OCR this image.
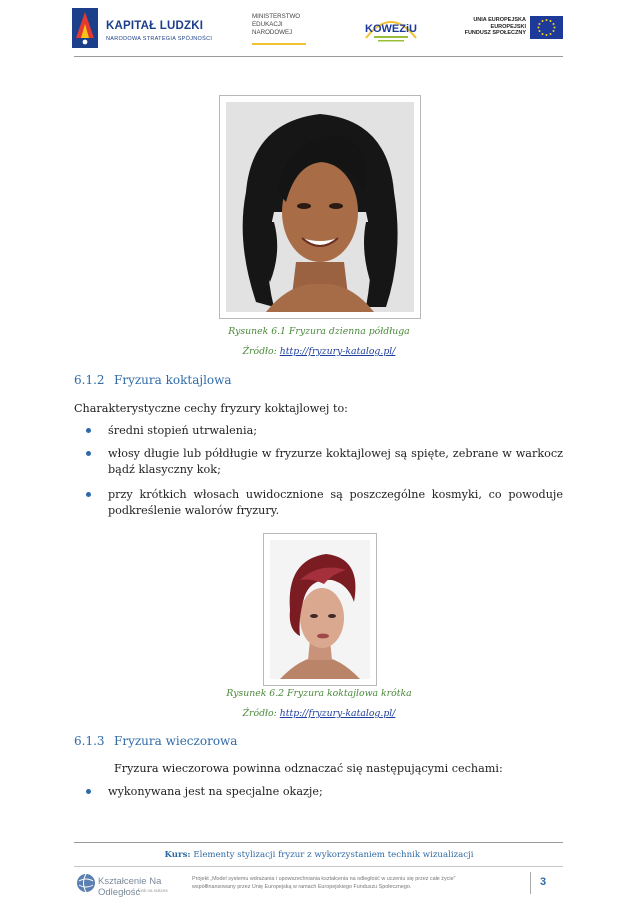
KAPITAŁ LUDZKI
NARODOWA STRATEGIA SPÓJNOŚCI
MINISTERSTWO
EDUKACJI
NARODOWEJ	KOWEZiU
UNIA EUROPEJSKA
EUROPEJSKI
FUNDUSZ SPOŁECZNY
Rysunek 6.1 Fryzura dzienna półdługa
Źródło: http://fryzury-katalog.pl/
6.1.2 Fryzura koktajlowa
Charakterystyczne cechy fryzury koktajlowej to:
średni stopień utrwalenia;
włosy długie lub półdługie w fryzurze koktajlowej są spięte, zebrane w warkocz bądź klasyczny kok;
przy krótkich włosach uwidocznione są poszczególne kosmyki, co powoduje podkreślenie walorów fryzury.
Rysunek 6.2 Fryzura koktajlowa krótka
Źródło: http://fryzury-katalog.pl/
6.1.3 Fryzura wieczorowa
Fryzura wieczorowa powinna odznaczać się następującymi cechami:
wykonywana jest na specjalne okazje;
Kurs: Elementy stylizacji fryzur z wykorzystaniem technik wizualizacji
Kształcenie Na Odległość
Link na sukces
Projekt „Model systemu wdrażania i upowszechniania kształcenia na odległość w uczeniu się przez całe życie”
współfinansowany przez Unię Europejską w ramach Europejskiego Funduszu Społecznego.	3
